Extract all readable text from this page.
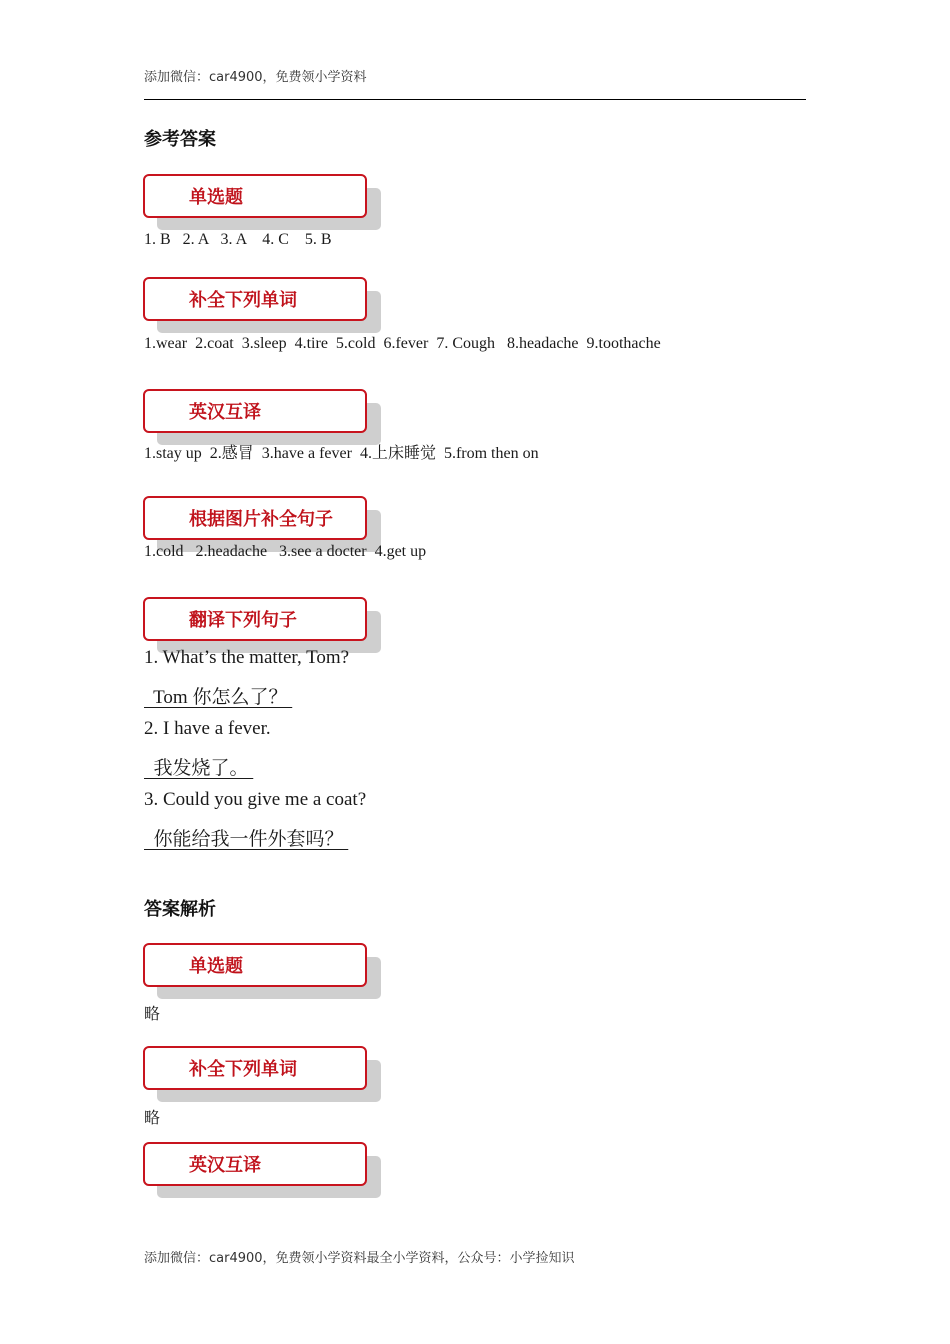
添加微信：car4900，免费领小学资料
参考答案
单选题
1. B   2. A   3. A    4. C    5. B
补全下列单词
1.wear  2.coat  3.sleep  4.tire  5.cold  6.fever  7. Cough   8.headache  9.toothache
英汉互译
1.stay up  2.感冒  3.have a fever  4.上床睡觉  5.from then on
根据图片补全句子
1.cold   2.headache   3.see a docter  4.get up
翻译下列句子
1. What’s the matter, Tom?
Tom 你怎么了？
2. I have a fever.
我发烧了。
3. Could you give me a coat?
你能给我一件外套吗？
答案解析
单选题
略
补全下列单词
略
英汉互译
添加微信：car4900，免费领小学资料最全小学资料，公众号：小学捡知识
